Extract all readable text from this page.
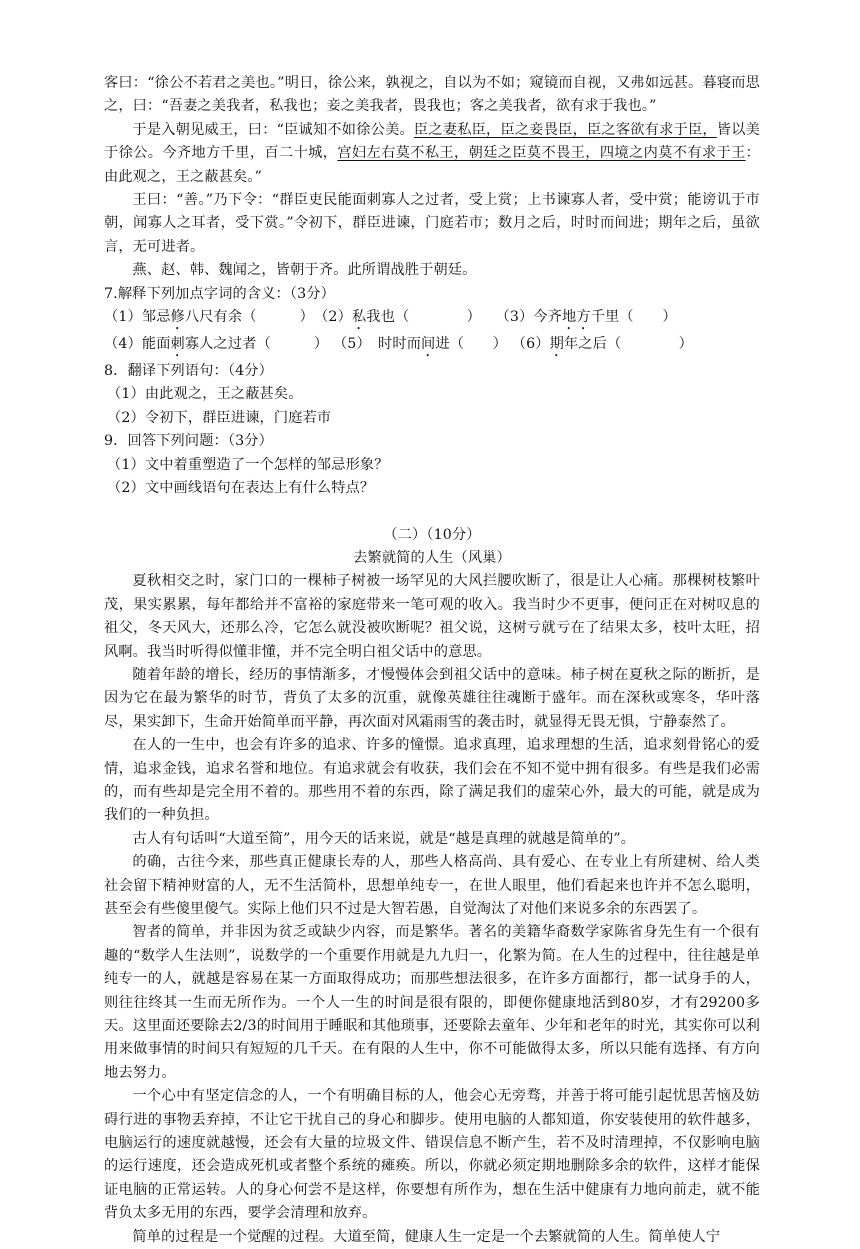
客曰：“徐公不若君之美也。”明日，徐公来，孰视之，自以为不如；窥镜而自视，又弗如远甚。暮寝而思之，曰：“吾妻之美我者，私我也；妾之美我者，畏我也；客之美我者，欲有求于我也。”

于是入朝见威王，曰：“臣诚知不如徐公美。臣之妻私臣，臣之妾畏臣，臣之客欲有求于臣，皆以美于徐公。今齐地方千里，百二十城，宫妇左右莫不私王，朝廷之臣莫不畏王，四境之内莫不有求于王：由此观之，王之蔽甚矣。”

王曰：“善。”乃下令：“群臣吏民能面刺寡人之过者，受上赏；上书谏寡人者，受中赏；能谤讥于市朝，闻寡人之耳者，受下赏。”令初下，群臣进谏，门庭若市；数月之后，时时而间进；期年之后，虽欲言，无可进者。

燕、赵、韩、魏闻之，皆朝于齐。此所谓战胜于朝廷。

7.解释下列加点字词的含义：（3分）

（1）邹忌修八尺有余（　　　）　 （2）私我也（　　　　）　　 （3）今齐地方千里（　　）

（4）能面刺寡人之过者（　　　） （5）　时时而间进（　　） （6）期年之后（　　　　）

8．翻译下列语句：（4分）

（1）由此观之，王之蔽甚矣。

（2）令初下，群臣进谏，门庭若市

9．回答下列问题：（3分）

（1）文中着重塑造了一个怎样的邹忌形象？

（2）文中画线语句在表达上有什么特点？

（二）（10分）

去繁就简的人生（风巢）

夏秋相交之时，家门口的一棵柿子树被一场罕见的大风拦腰吹断了，很是让人心痛。那棵树枝繁叶茂，果实累累，每年都给并不富裕的家庭带来一笔可观的收入。我当时少不更事，便问正在对树叹息的祖父，冬天风大，还那么冷，它怎么就没被吹断呢？祖父说，这树亏就亏在了结果太多，枝叶太旺，招风啊。我当时听得似懂非懂，并不完全明白祖父话中的意思。

随着年龄的增长，经历的事情渐多，才慢慢体会到祖父话中的意味。柿子树在夏秋之际的断折，是因为它在最为繁华的时节，背负了太多的沉重，就像英雄往往魂断于盛年。而在深秋或寒冬，华叶落尽，果实卸下，生命开始简单而平静，再次面对风霜雨雪的袭击时，就显得无畏无惧，宁静泰然了。

在人的一生中，也会有许多的追求、许多的憧憬。追求真理，追求理想的生活，追求刻骨铭心的爱情，追求金钱，追求名誉和地位。有追求就会有收获，我们会在不知不觉中拥有很多。有些是我们必需的，而有些却是完全用不着的。那些用不着的东西，除了满足我们的虚荣心外，最大的可能，就是成为我们的一种负担。

古人有句话叫“大道至简”，用今天的话来说，就是“越是真理的就越是简单的”。

的确，古往今来，那些真正健康长寿的人，那些人格高尚、具有爱心、在专业上有所建树、给人类社会留下精神财富的人，无不生活简朴，思想单纯专一，在世人眼里，他们看起来也许并不怎么聪明，甚至会有些傻里傻气。实际上他们只不过是大智若愚，自觉淘汰了对他们来说多余的东西罢了。

智者的简单，并非因为贫乏或缺少内容，而是繁华。著名的美籍华裔数学家陈省身先生有一个很有趣的“数学人生法则”，说数学的一个重要作用就是九九归一，化繁为简。在人生的过程中，往往越是单纯专一的人，就越是容易在某一方面取得成功；而那些想法很多，在许多方面都行，都一试身手的人，则往往终其一生而无所作为。一个人一生的时间是很有限的，即便你健康地活到80岁，才有29200多天。这里面还要除去2/3的时间用于睡眠和其他琐事，还要除去童年、少年和老年的时光，其实你可以利用来做事情的时间只有短短的几千天。在有限的人生中，你不可能做得太多，所以只能有选择、有方向地去努力。

一个心中有坚定信念的人，一个有明确目标的人，他会心无旁骛，并善于将可能引起忧思苦恼及妨碍行进的事物丢弃掉，不让它干扰自己的身心和脚步。使用电脑的人都知道，你安装使用的软件越多，电脑运行的速度就越慢，还会有大量的垃圾文件、错误信息不断产生，若不及时清理掉，不仅影响电脑的运行速度，还会造成死机或者整个系统的瘫痪。所以，你就必须定期地删除多余的软件，这样才能保证电脑的正常运转。人的身心何尝不是这样，你要想有所作为，想在生活中健康有力地向前走，就不能背负太多无用的东西，要学会清理和放弃。

简单的过程是一个觉醒的过程。大道至简，健康人生一定是一个去繁就简的人生。简单使人宁
